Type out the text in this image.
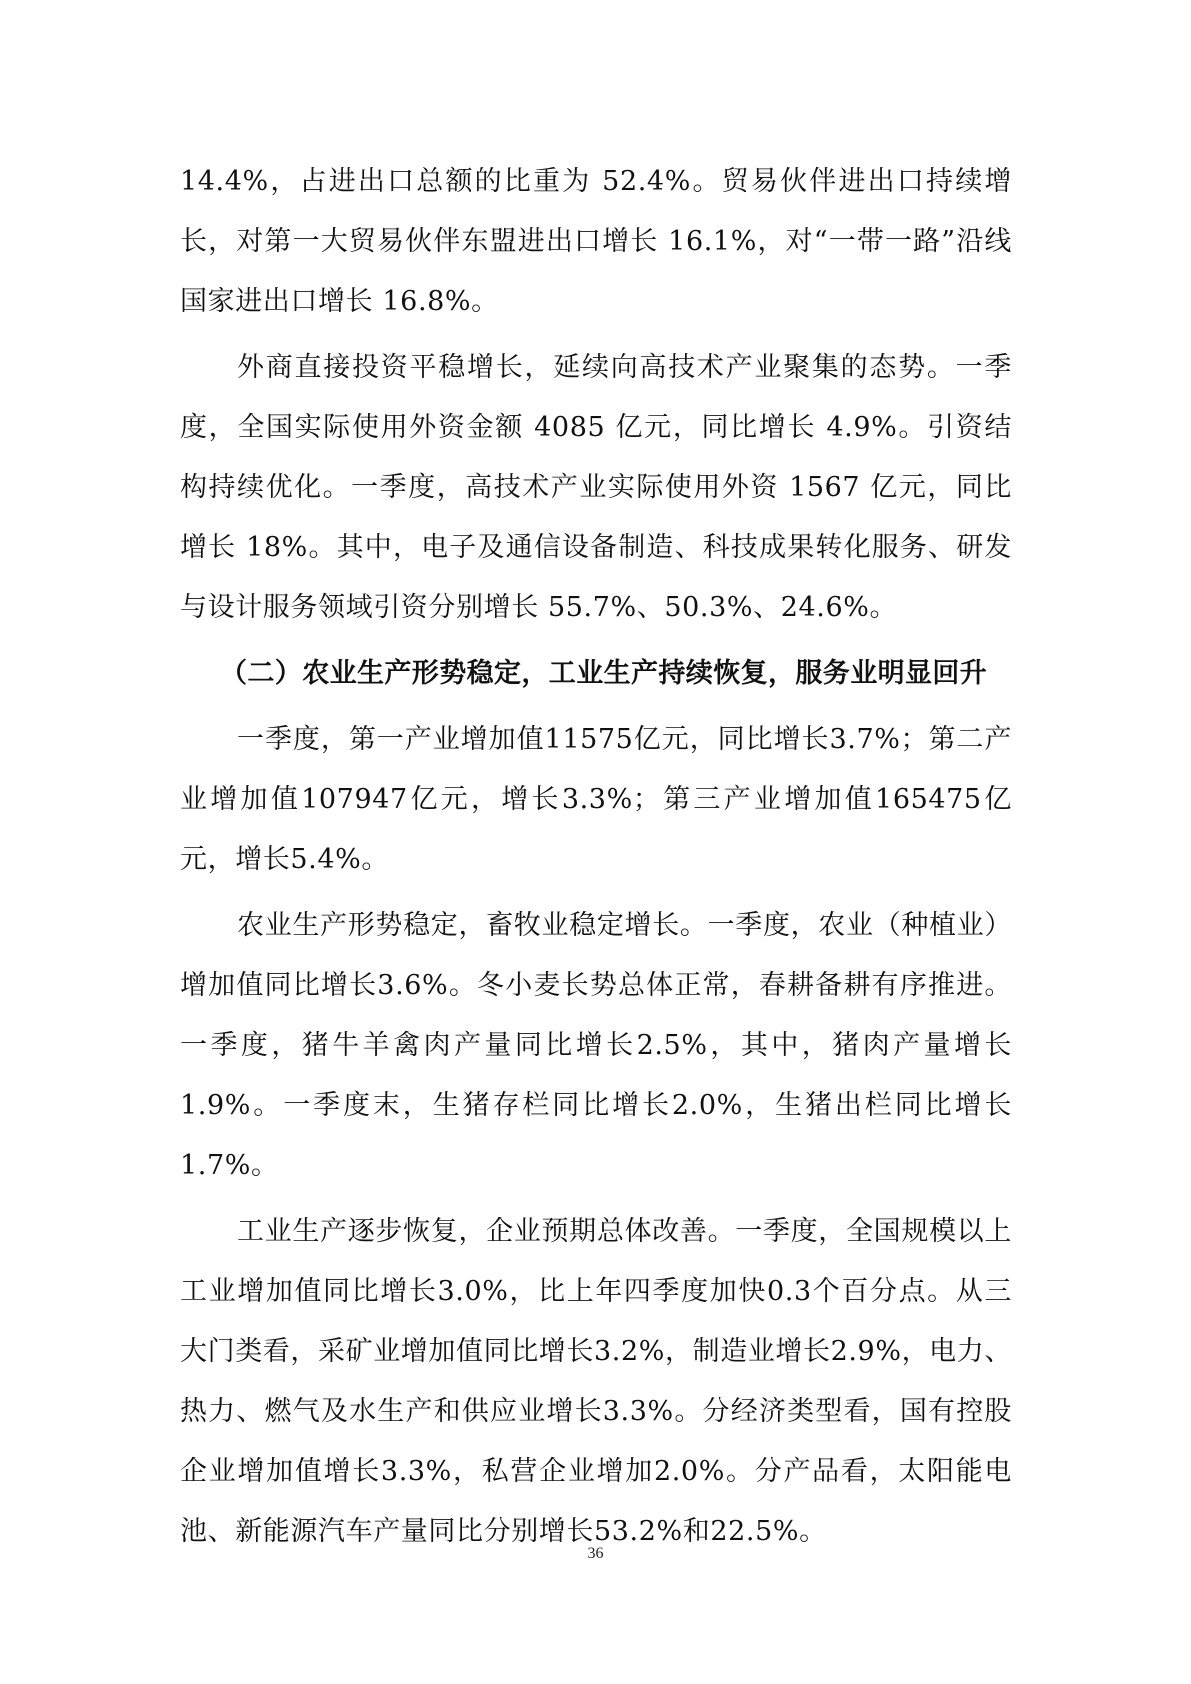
14.4%，占进出口总额的比重为 52.4%。贸易伙伴进出口持续增长，对第一大贸易伙伴东盟进出口增长 16.1%，对“一带一路”沿线国家进出口增长 16.8%。

外商直接投资平稳增长，延续向高技术产业聚集的态势。一季度，全国实际使用外资金额 4085 亿元，同比增长 4.9%。引资结构持续优化。一季度，高技术产业实际使用外资 1567 亿元，同比增长 18%。其中，电子及通信设备制造、科技成果转化服务、研发与设计服务领域引资分别增长 55.7%、50.3%、24.6%。

（二）农业生产形势稳定，工业生产持续恢复，服务业明显回升

一季度，第一产业增加值11575亿元，同比增长3.7%；第二产业增加值107947亿元，增长3.3%；第三产业增加值165475亿元，增长5.4%。

农业生产形势稳定，畜牧业稳定增长。一季度，农业（种植业）增加值同比增长3.6%。冬小麦长势总体正常，春耕备耕有序推进。一季度，猪牛羊禽肉产量同比增长2.5%，其中，猪肉产量增长1.9%。一季度末，生猪存栏同比增长2.0%，生猪出栏同比增长1.7%。

工业生产逐步恢复，企业预期总体改善。一季度，全国规模以上工业增加值同比增长3.0%，比上年四季度加快0.3个百分点。从三大门类看，采矿业增加值同比增长3.2%，制造业增长2.9%，电力、热力、燃气及水生产和供应业增长3.3%。分经济类型看，国有控股企业增加值增长3.3%，私营企业增加2.0%。分产品看，太阳能电池、新能源汽车产量同比分别增长53.2%和22.5%。

36
